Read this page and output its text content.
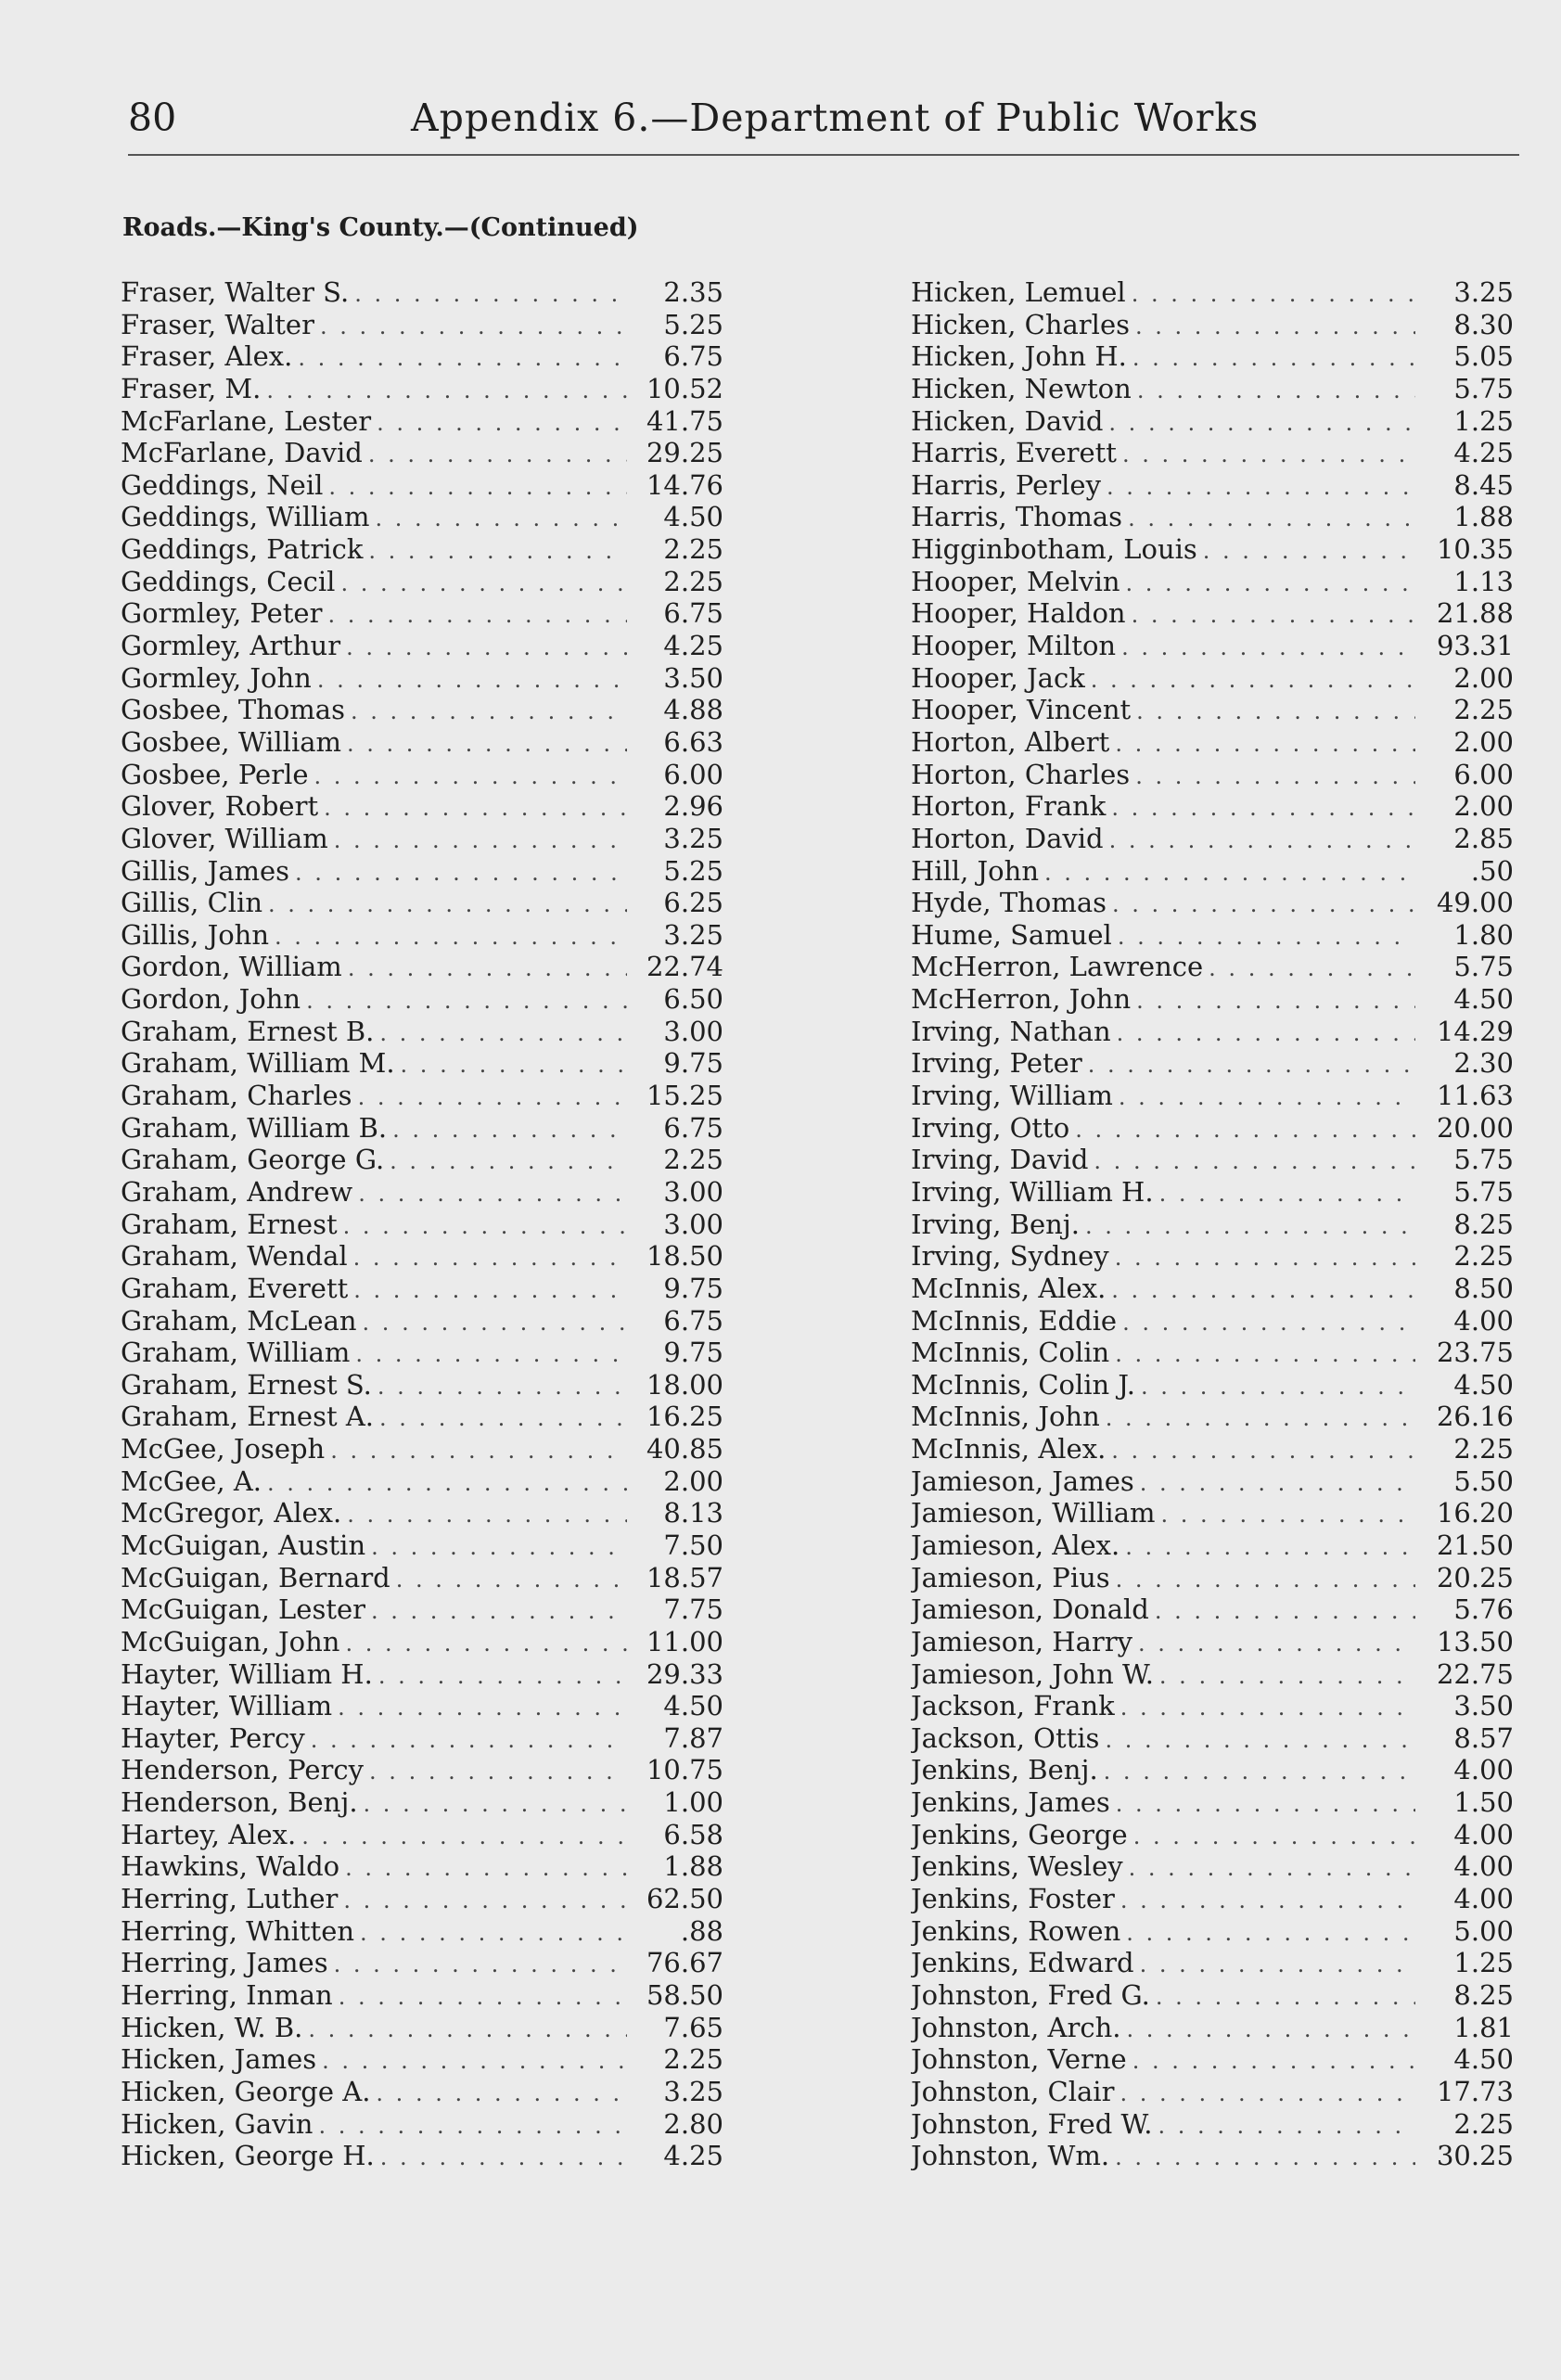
80	Appendix 6.—Department of Public Works
Roads.—King's County.—(Continued)
Fraser, Walter S. . . .	2.35
Fraser, Walter . . .	5.25
Fraser, Alex. . . .	6.75
Fraser, M. . . .	10.52
McFarlane, Lester . . .	41.75
McFarlane, David . . .	29.25
Geddings, Neil . . .	14.76
Geddings, William . . .	4.50
Geddings, Patrick . . .	2.25
Geddings, Cecil . . .	2.25
Gormley, Peter . . .	6.75
Gormley, Arthur . . .	4.25
Gormley, John . . .	3.50
Gosbee, Thomas . . .	4.88
Gosbee, William . . .	6.63
Gosbee, Perle . . .	6.00
Glover, Robert . . .	2.96
Glover, William . . .	3.25
Gillis, James . . .	5.25
Gillis, Clin . . .	6.25
Gillis, John . . .	3.25
Gordon, William . . .	22.74
Gordon, John . . .	6.50
Graham, Ernest B. . . .	3.00
Graham, William M. . . .	9.75
Graham, Charles . . .	15.25
Graham, William B. . . .	6.75
Graham, George G. . . .	2.25
Graham, Andrew . . .	3.00
Graham, Ernest . . .	3.00
Graham, Wendal . . .	18.50
Graham, Everett . . .	9.75
Graham, McLean . . .	6.75
Graham, William . . .	9.75
Graham, Ernest S. . . .	18.00
Graham, Ernest A. . . .	16.25
McGee, Joseph . . .	40.85
McGee, A. . . .	2.00
McGregor, Alex. . . .	8.13
McGuigan, Austin . . .	7.50
McGuigan, Bernard . . .	18.57
McGuigan, Lester . . .	7.75
McGuigan, John . . .	11.00
Hayter, William H. . . .	29.33
Hayter, William . . .	4.50
Hayter, Percy . . .	7.87
Henderson, Percy . . .	10.75
Henderson, Benj. . . .	1.00
Hartey, Alex. . . .	6.58
Hawkins, Waldo . . .	1.88
Herring, Luther . . .	62.50
Herring, Whitten . . .	.88
Herring, James . . .	76.67
Herring, Inman . . .	58.50
Hicken, W. B. . . .	7.65
Hicken, James . . .	2.25
Hicken, George A. . . .	3.25
Hicken, Gavin . . .	2.80
Hicken, George H. . . .	4.25
Hicken, Lemuel . . .	3.25
Hicken, Charles . . .	8.30
Hicken, John H. . . .	5.05
Hicken, Newton . . .	5.75
Hicken, David . . .	1.25
Harris, Everett . . .	4.25
Harris, Perley . . .	8.45
Harris, Thomas . . .	1.88
Higginbotham, Louis . . .	10.35
Hooper, Melvin . . .	1.13
Hooper, Haldon . . .	21.88
Hooper, Milton . . .	93.31
Hooper, Jack . . .	2.00
Hooper, Vincent . . .	2.25
Horton, Albert . . .	2.00
Horton, Charles . . .	6.00
Horton, Frank . . .	2.00
Horton, David . . .	2.85
Hill, John . . .	.50
Hyde, Thomas . . .	49.00
Hume, Samuel . . .	1.80
McHerron, Lawrence . . .	5.75
McHerron, John . . .	4.50
Irving, Nathan . . .	14.29
Irving, Peter . . .	2.30
Irving, William . . .	11.63
Irving, Otto . . .	20.00
Irving, David . . .	5.75
Irving, William H. . . .	5.75
Irving, Benj. . . .	8.25
Irving, Sydney . . .	2.25
McInnis, Alex. . . .	8.50
McInnis, Eddie . . .	4.00
McInnis, Colin . . .	23.75
McInnis, Colin J. . . .	4.50
McInnis, John . . .	26.16
McInnis, Alex. . . .	2.25
Jamieson, James . . .	5.50
Jamieson, William . . .	16.20
Jamieson, Alex. . . .	21.50
Jamieson, Pius . . .	20.25
Jamieson, Donald . . .	5.76
Jamieson, Harry . . .	13.50
Jamieson, John W. . . .	22.75
Jackson, Frank . . .	3.50
Jackson, Ottis . . .	8.57
Jenkins, Benj. . . .	4.00
Jenkins, James . . .	1.50
Jenkins, George . . .	4.00
Jenkins, Wesley . . .	4.00
Jenkins, Foster . . .	4.00
Jenkins, Rowen . . .	5.00
Jenkins, Edward . . .	1.25
Johnston, Fred G. . . .	8.25
Johnston, Arch. . . .	1.81
Johnston, Verne . . .	4.50
Johnston, Clair . . .	17.73
Johnston, Fred W. . . .	2.25
Johnston, Wm. . . .	30.25
